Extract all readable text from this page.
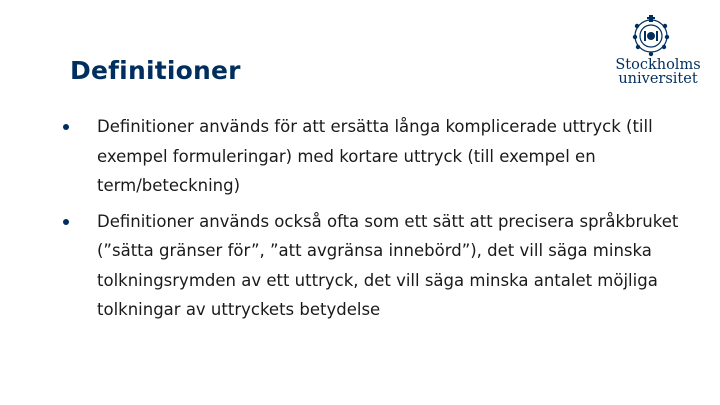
Definitioner	Stockholms
universitet
Definitioner används för att ersätta långa komplicerade uttryck (till exempel formuleringar) med kortare uttryck (till exempel en term/beteckning)
Definitioner används också ofta som ett sätt att precisera språkbruket (”sätta gränser för”, ”att avgränsa innebörd”), det vill säga minska tolkningsrymden av ett uttryck, det vill säga minska antalet möjliga tolkningar av uttryckets betydelse
